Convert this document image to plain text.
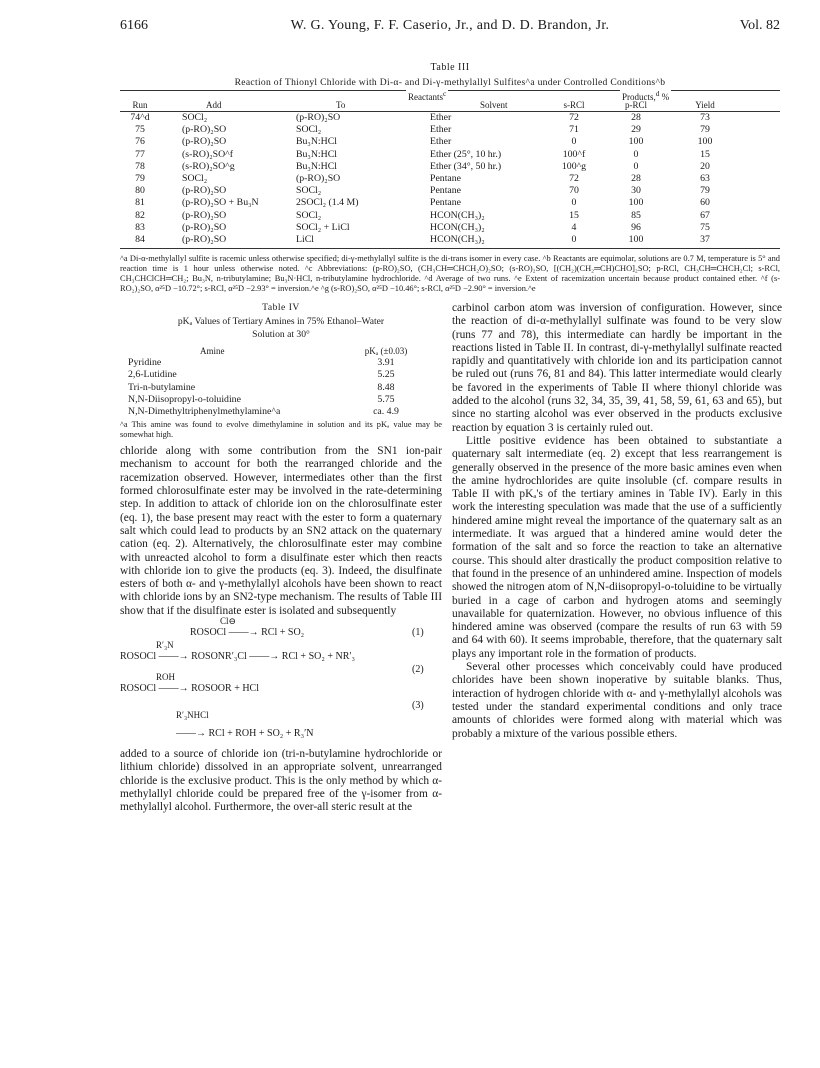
6166	W. G. Young, F. F. Caserio, Jr., and D. D. Brandon, Jr.	Vol. 82
Table III
Reaction of Thionyl Chloride with Di-α- and Di-γ-methylallyl Sulfites^a under Controlled Conditions^b
Reactants$^c$	Products,$^d$ %
Run	Add	To	Solvent	s-RCl	p-RCl	Yield
74^d	SOCl₂	(p-RO)₂SO	Ether	72	28	73
75	(p-RO)₂SO	SOCl₂	Ether	71	29	79
76	(p-RO)₂SO	Bu₃N:HCl	Ether	0	100	100
77	(s-RO)₂SO^f	Bu₃N:HCl	Ether (25°, 10 hr.)	100^f	0	15
78	(s-RO)₂SO^g	Bu₃N:HCl	Ether (34°, 50 hr.)	100^g	0	20
79	SOCl₂	(p-RO)₂SO	Pentane	72	28	63
80	(p-RO)₂SO	SOCl₂	Pentane	70	30	79
81	(p-RO)₂SO + Bu₃N	2SOCl₂ (1.4 M)	Pentane	0	100	60
82	(p-RO)₂SO	SOCl₂	HCON(CH₃)₂	15	85	67
83	(p-RO)₂SO	SOCl₂ + LiCl	HCON(CH₃)₂	4	96	75
84	(p-RO)₂SO	LiCl	HCON(CH₃)₂	0	100	37

^a Di-α-methylallyl sulfite is racemic unless otherwise specified; di-γ-methylallyl sulfite is the di-trans isomer in every case. ^b Reactants are equimolar, solutions are 0.7 M, temperature is 5° and reaction time is 1 hour unless otherwise noted. ^c Abbreviations: (p-RO)₂SO, (CH₃CH═CHCH₂O)₂SO; (s-RO)₂SO, [(CH₂)(CH₂═CH)CHO]₂SO; p-RCl, CH₃CH═CHCH₂Cl; s-RCl, CH₃CHClCH═CH₂; Bu₃N, n-tributylamine; Bu₃N·HCl, n-tributylamine hydrochloride. ^d Average of two runs. ^e Extent of racemization uncertain because product contained ether. ^f (s-RO₂)₂SO, α²⁵D −10.72°; s-RCl, α²⁵D −2.93° = inversion.^e ^g (s-RO)₂SO, α²⁵D −10.46°; s-RCl, α²⁵D −2.90° = inversion.^e

Table IV

pKₐ Values of Tertiary Amines in 75% Ethanol–Water
Solution at 30°

Amine	pKₐ (±0.03)
Pyridine	3.91
2,6-Lutidine	5.25
Tri-n-butylamine	8.48
N,N-Diisopropyl-o-toluidine	5.75
N,N-Dimethyltriphenylmethylamine^a	ca. 4.9

^a This amine was found to evolve dimethylamine in solution and its pKₐ value may be somewhat high.

chloride along with some contribution from the SN1 ion-pair mechanism to account for both the rearranged chloride and the racemization observed. However, intermediates other than the first formed chlorosulfinate ester may be involved in the rate-determining step. In addition to attack of chloride ion on the chlorosulfinate ester (eq. 1), the base present may react with the ester to form a quaternary salt which could lead to products by an SN2 attack on the quaternary cation (eq. 2). Alternatively, the chlorosulfinate ester may combine with unreacted alcohol to form a disulfinate ester which then reacts with chloride ion to give the products (eq. 3). Indeed, the disulfinate esters of both α- and γ-methylallyl alcohols have been shown to react with chloride ions by an SN2-type mechanism. The results of Table III show that if the disulfinate ester is isolated and subsequently

Cl⊖
ROSOCl ——→ RCl + SO₂	(1)
R′₃N
ROSOCl ——→ ROSONR′₃Cl ——→ RCl + SO₂ + NR′₃
(2)
ROH
ROSOCl ——→ ROSOOR + HCl
R′₃NHCl
(3)
——→ RCl + ROH + SO₂ + R₃′N

added to a source of chloride ion (tri-n-butylamine hydrochloride or lithium chloride) dissolved in an appropriate solvent, unrearranged chloride is the exclusive product. This is the only method by which α-methylallyl chloride could be prepared free of the γ-isomer from α-methylallyl alcohol. Furthermore, the over-all steric result at the

carbinol carbon atom was inversion of configuration. However, since the reaction of di-α-methylallyl sulfinate was found to be very slow (runs 77 and 78), this intermediate can hardly be important in the reactions listed in Table II. In contrast, di-γ-methylallyl sulfinate reacted rapidly and quantitatively with chloride ion and its participation cannot be ruled out (runs 76, 81 and 84). This latter intermediate would clearly be favored in the experiments of Table II where thionyl chloride was added to the alcohol (runs 32, 34, 35, 39, 41, 58, 59, 61, 63 and 65), but since no starting alcohol was ever observed in the products exclusive reaction by equation 3 is certainly ruled out.

Little positive evidence has been obtained to substantiate a quaternary salt intermediate (eq. 2) except that less rearrangement is generally observed in the presence of the more basic amines even when the amine hydrochlorides are quite insoluble (cf. compare results in Table II with pKₐ's of the tertiary amines in Table IV). Early in this work the interesting speculation was made that the use of a sufficiently hindered amine might reveal the importance of the quaternary salt as an intermediate. It was argued that a hindered amine would deter the formation of the salt and so force the reaction to take an alternative course. This should alter drastically the product composition relative to that found in the presence of an unhindered amine. Inspection of models showed the nitrogen atom of N,N-diisopropyl-o-toluidine to be virtually buried in a cage of carbon and hydrogen atoms and seemingly unavailable for quaternization. However, no obvious influence of this hindered amine was observed (compare the results of run 63 with 59 and 64 with 60). It seems improbable, therefore, that the quaternary salt plays any important role in the formation of products.

Several other processes which conceivably could have produced chlorides have been shown inoperative by suitable blanks. Thus, interaction of hydrogen chloride with α- and γ-methylallyl alcohols was tested under the standard experimental conditions and only trace amounts of chlorides were formed along with material which was probably a mixture of the various possible ethers.
